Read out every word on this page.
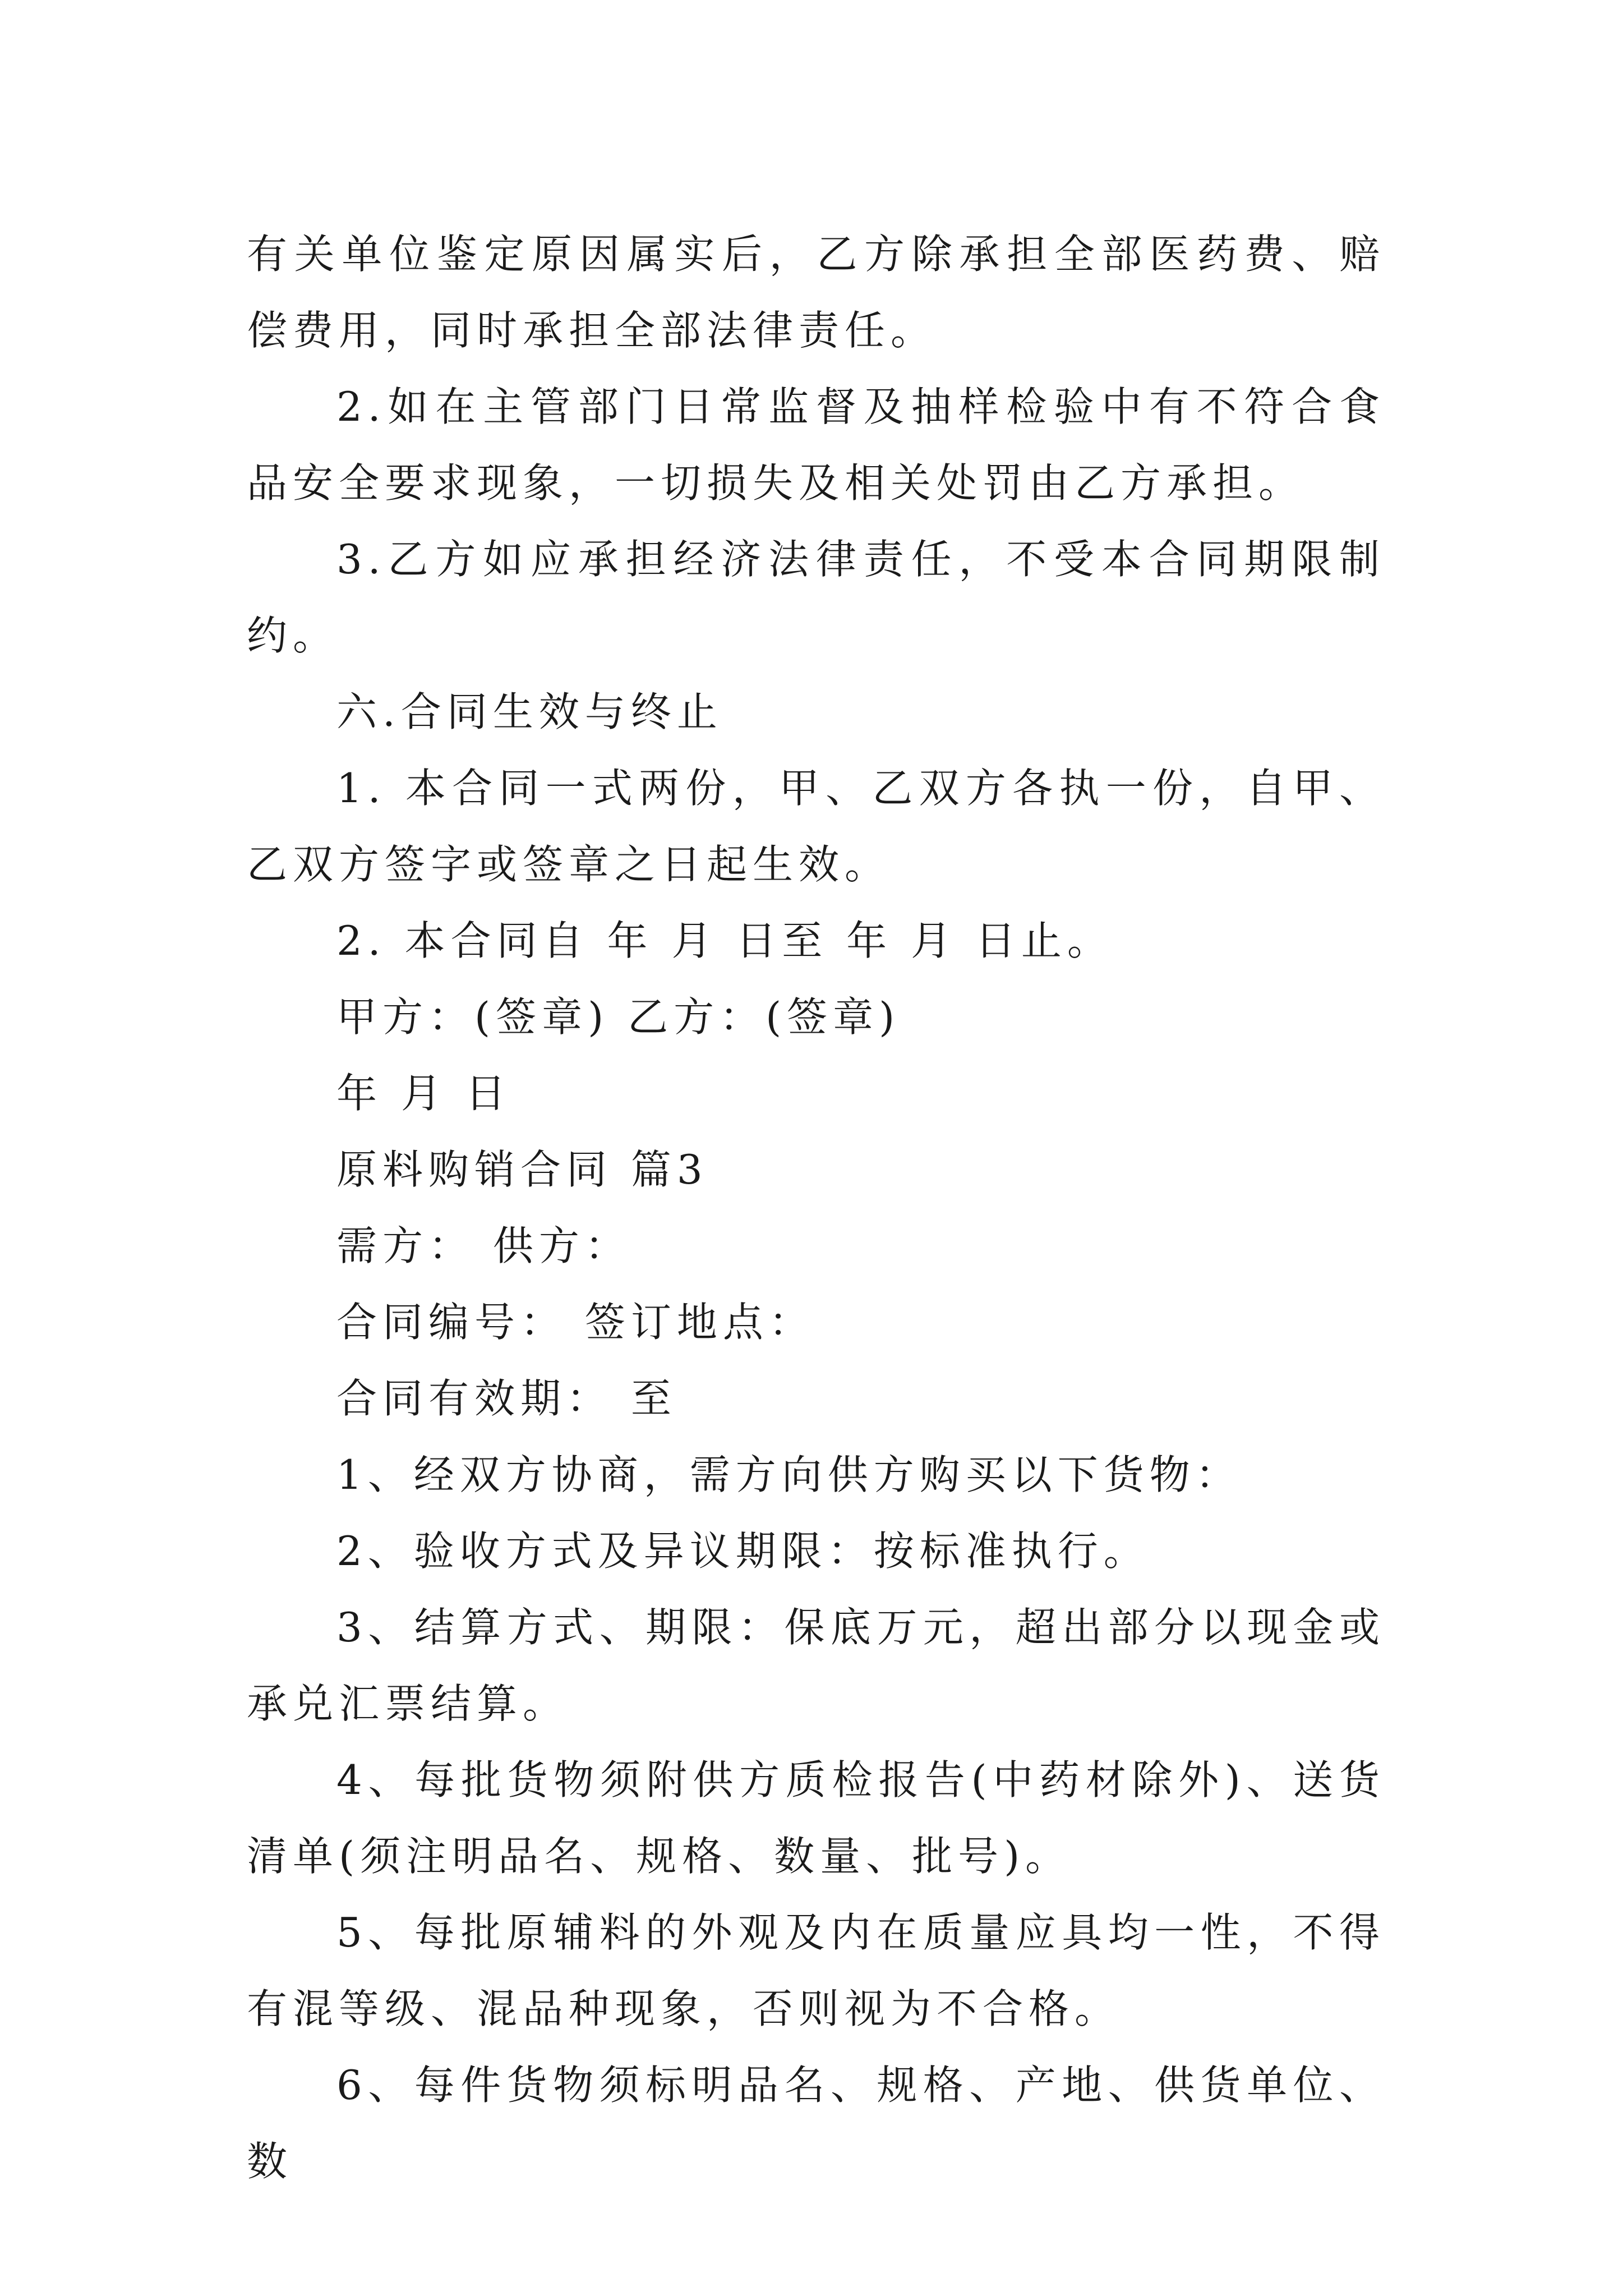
有关单位鉴定原因属实后，乙方除承担全部医药费、赔偿费用，同时承担全部法律责任。

2.如在主管部门日常监督及抽样检验中有不符合食品安全要求现象，一切损失及相关处罚由乙方承担。

3.乙方如应承担经济法律责任，不受本合同期限制约。

六.合同生效与终止

1. 本合同一式两份，甲、乙双方各执一份，自甲、乙双方签字或签章之日起生效。

2. 本合同自 年 月 日至 年 月 日止。

甲方：(签章) 乙方：(签章)

年 月 日

原料购销合同 篇3

需方： 供方：

合同编号： 签订地点：

合同有效期： 至

1、经双方协商，需方向供方购买以下货物：

2、验收方式及异议期限：按标准执行。

3、结算方式、期限：保底万元，超出部分以现金或承兑汇票结算。

4、每批货物须附供方质检报告(中药材除外)、送货清单(须注明品名、规格、数量、批号)。

5、每批原辅料的外观及内在质量应具均一性，不得有混等级、混品种现象，否则视为不合格。

6、每件货物须标明品名、规格、产地、供货单位、数
